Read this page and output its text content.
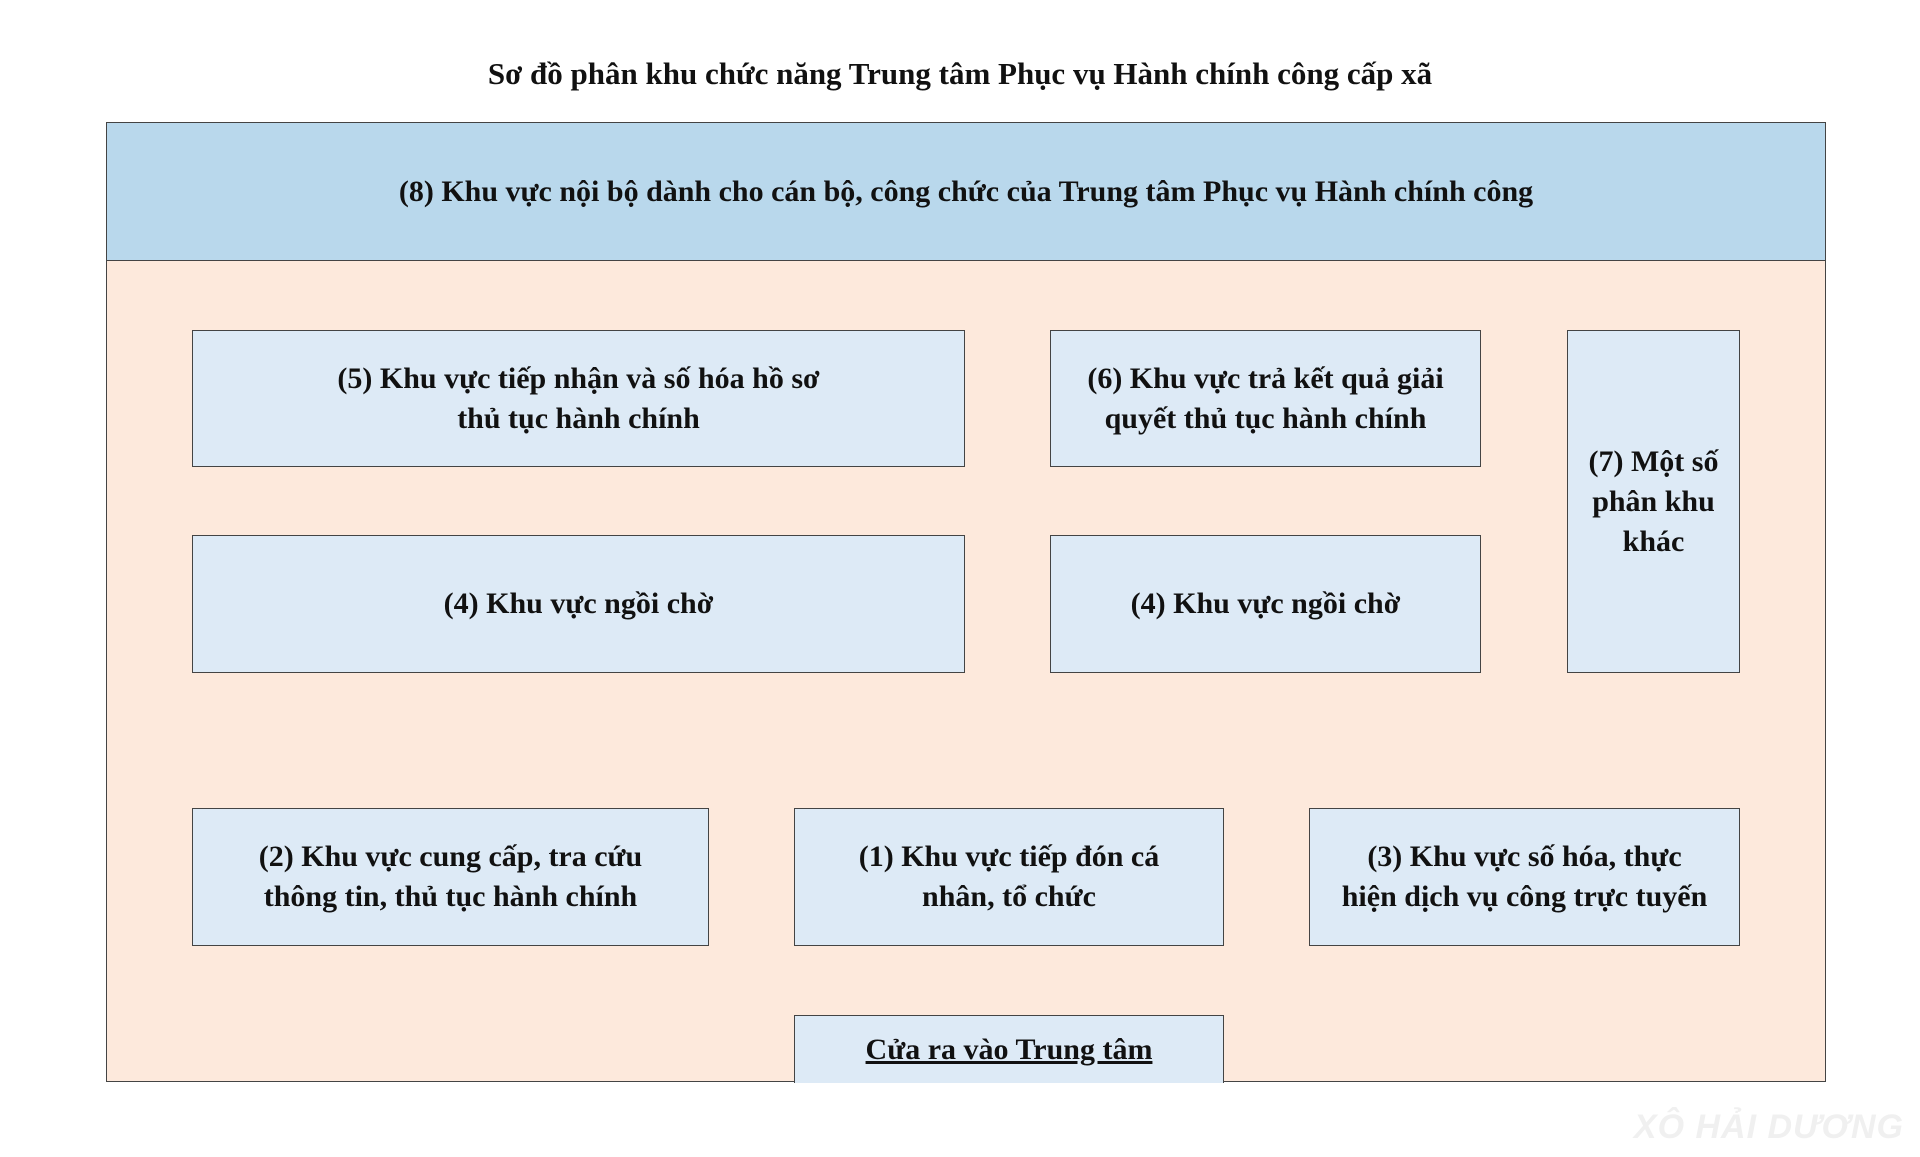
Sơ đồ phân khu chức năng Trung tâm Phục vụ Hành chính công cấp xã
(8) Khu vực nội bộ dành cho cán bộ, công chức của Trung tâm Phục vụ Hành chính công
(5) Khu vực tiếp nhận và số hóa hồ sơ
thủ tục hành chính
(6) Khu vực trả kết quả giải
quyết thủ tục hành chính
(7) Một số
phân khu
khác
(4) Khu vực ngồi chờ	(4) Khu vực ngồi chờ
(2) Khu vực cung cấp, tra cứu
thông tin, thủ tục hành chính
(1) Khu vực tiếp đón cá
nhân, tổ chức
(3) Khu vực số hóa, thực
hiện dịch vụ công trực tuyến
Cửa ra vào Trung tâm
XÔ HẢI DƯƠNG
